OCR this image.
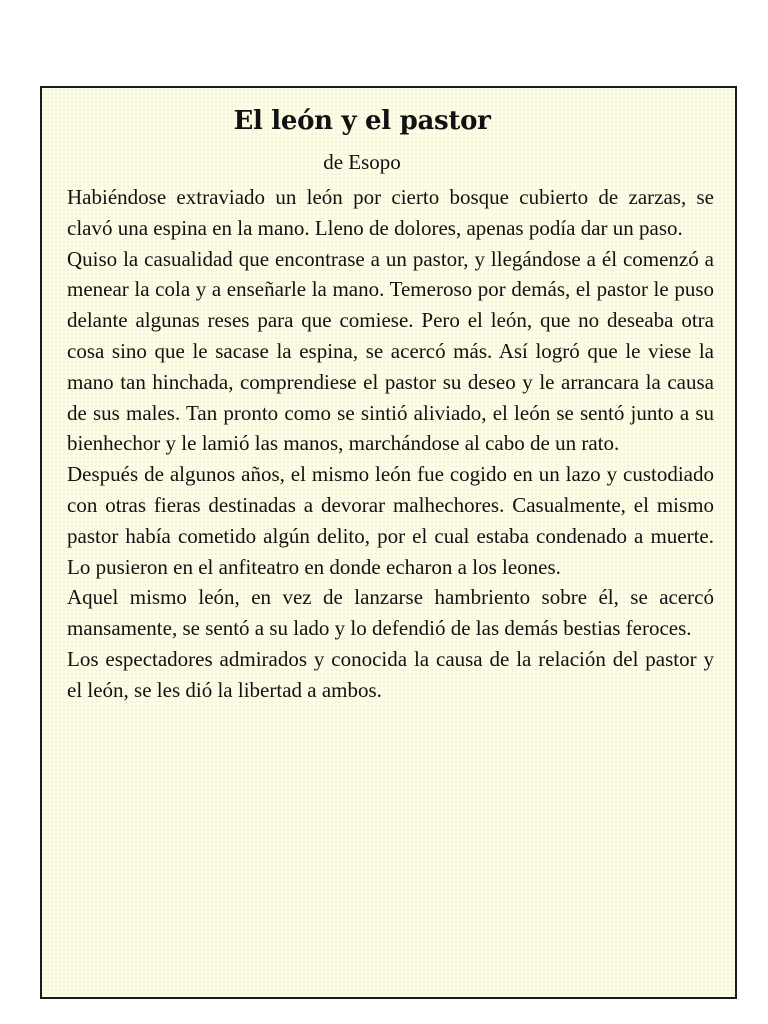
El león y el pastor
de Esopo

Habiéndose extraviado un león por cierto bosque cubierto de zarzas, se clavó una espina en la mano. Lleno de dolores, apenas podía dar un paso.

Quiso la casualidad que encontrase a un pastor, y llegándose a él comenzó a menear la cola y a enseñarle la mano. Temeroso por demás, el pastor le puso delante algunas reses para que comiese. Pero el león, que no deseaba otra cosa sino que le sacase la espina, se acercó más. Así logró que le viese la mano tan hinchada, comprendiese el pastor su deseo y le arrancara la causa de sus males. Tan pronto como se sintió aliviado, el león se sentó junto a su bienhechor y le lamió las manos, marchándose al cabo de un rato.

Después de algunos años, el mismo león fue cogido en un lazo y custodiado con otras fieras destinadas a devorar malhechores. Casualmente, el mismo pastor había cometido algún delito, por el cual estaba condenado a muerte. Lo pusieron en el anfiteatro en donde echaron a los leones.

Aquel mismo león, en vez de lanzarse hambriento sobre él, se acercó mansamente, se sentó a su lado y lo defendió de las demás bestias feroces.

Los espectadores admirados y conocida la causa de la relación del pastor y el león, se les dió la libertad a ambos.
